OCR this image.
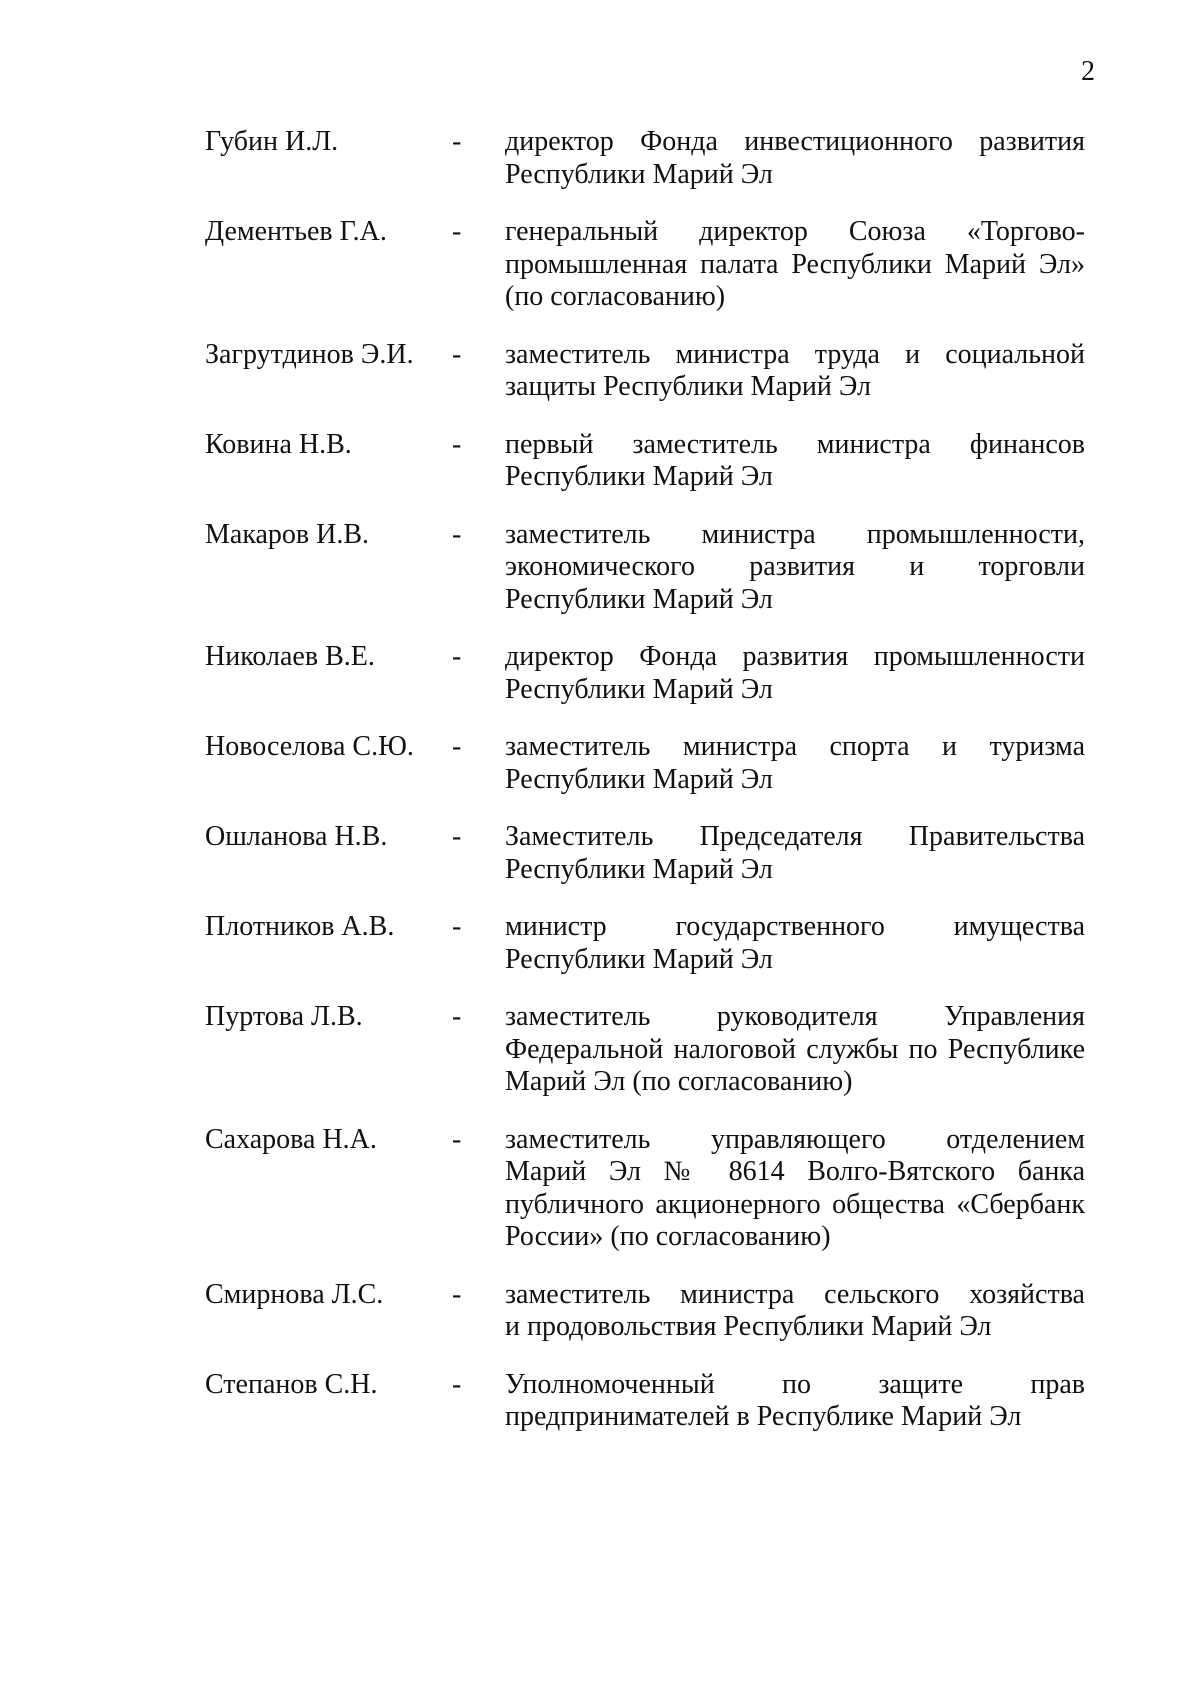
2
Губин И.Л.	-	директор Фонда инвестиционного развития
Республики Марий Эл
Дементьев Г.А.	-	генеральный директор Союза «Торгово-
промышленная палата Республики Марий Эл»
(по согласованию)
Загрутдинов Э.И.	-	заместитель министра труда и социальной
защиты Республики Марий Эл
Ковина Н.В.	-	первый заместитель министра финансов
Республики Марий Эл
Макаров И.В.	-	заместитель министра промышленности,
экономического развития и торговли
Республики Марий Эл
Николаев В.Е.	-	директор Фонда развития промышленности
Республики Марий Эл
Новоселова С.Ю.	-	заместитель министра спорта и туризма
Республики Марий Эл
Ошланова Н.В.	-	Заместитель Председателя Правительства
Республики Марий Эл
Плотников А.В.	-	министр государственного имущества
Республики Марий Эл
Пуртова Л.В.	-	заместитель руководителя Управления
Федеральной налоговой службы по Республике
Марий Эл (по согласованию)
Сахарова Н.А.	-	заместитель управляющего отделением
Марий Эл № 8614 Волго-Вятского банка
публичного акционерного общества «Сбербанк
России» (по согласованию)
Смирнова Л.С.	-	заместитель министра сельского хозяйства
и продовольствия Республики Марий Эл
Степанов С.Н.	-	Уполномоченный по защите прав
предпринимателей в Республике Марий Эл
